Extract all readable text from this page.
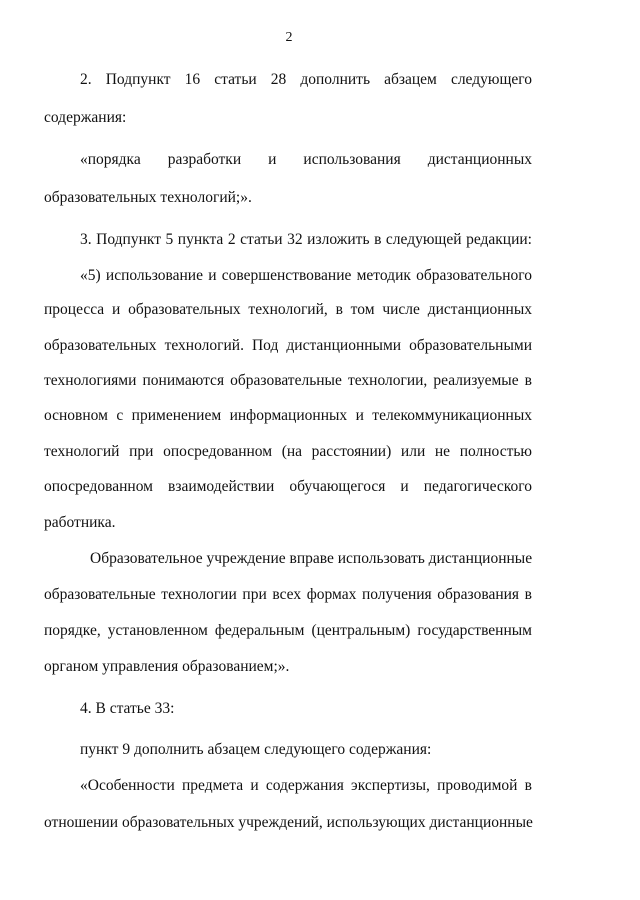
2
2. Подпункт 16 статьи 28 дополнить абзацем следующего
содержания:
«порядка разработки и использования дистанционных
образовательных технологий;».
3. Подпункт 5 пункта 2 статьи 32 изложить в следующей редакции:
«5) использование и совершенствование методик образовательного
процесса и образовательных технологий, в том числе дистанционных
образовательных технологий. Под дистанционными образовательными
технологиями понимаются образовательные технологии, реализуемые в
основном с применением информационных и телекоммуникационных
технологий при опосредованном (на расстоянии) или не полностью
опосредованном взаимодействии обучающегося и педагогического
работника.
Образовательное учреждение вправе использовать дистанционные
образовательные технологии при всех формах получения образования в
порядке, установленном федеральным (центральным) государственным
органом управления образованием;».
4. В статье 33:
пункт 9 дополнить абзацем следующего содержания:
«Особенности предмета и содержания экспертизы, проводимой в
отношении образовательных учреждений, использующих дистанционные
